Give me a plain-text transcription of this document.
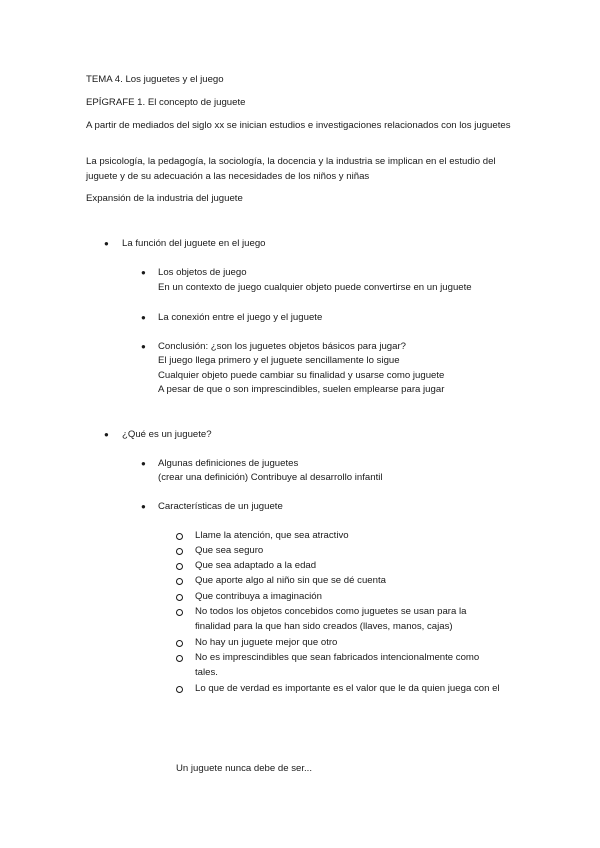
TEMA 4. Los juguetes y el juego
EPÍGRAFE 1. El concepto de juguete
A partir de mediados del siglo xx se inician estudios e investigaciones relacionados con los juguetes
La psicología, la pedagogía, la sociología, la docencia y la industria se implican en el estudio del juguete y de su adecuación a las necesidades de los niños y niñas
Expansión de la industria del juguete
● La función del juguete en el juego
● Los objetos de juego
En un contexto de juego cualquier objeto puede convertirse en un juguete
● La conexión entre el juego y el juguete
● Conclusión: ¿son los juguetes objetos básicos para jugar?
El juego llega primero y el juguete sencillamente lo sigue
Cualquier objeto puede cambiar su finalidad y usarse como juguete
A pesar de que o son imprescindibles, suelen emplearse para jugar
● ¿Qué es un juguete?
● Algunas definiciones de juguetes
(crear una definición) Contribuye al desarrollo infantil
● Características de un juguete
Llame la atención, que sea atractivo
Que sea seguro
Que sea adaptado a la edad
Que aporte algo al niño sin que se dé cuenta
Que contribuya a imaginación
No todos los objetos concebidos como juguetes se usan para la
finalidad para la que han sido creados (llaves, manos, cajas)
No hay un juguete mejor que otro
No es imprescindibles que sean fabricados intencionalmente como
tales.
Lo que de verdad es importante es el valor que le da quien juega con el
Un juguete nunca debe de ser...
